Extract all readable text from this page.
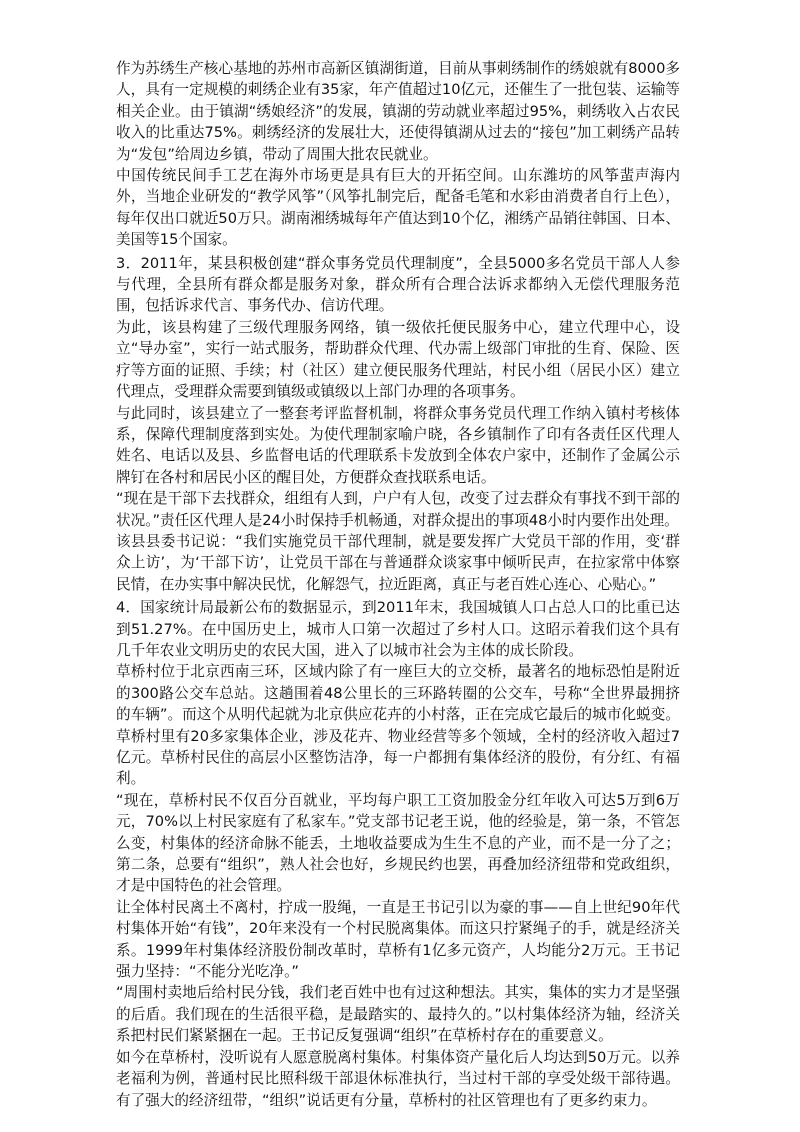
作为苏绣生产核心基地的苏州市高新区镇湖街道，目前从事刺绣制作的绣娘就有8000多人，具有一定规模的刺绣企业有35家，年产值超过10亿元，还催生了一批包装、运输等相关企业。由于镇湖“绣娘经济”的发展，镇湖的劳动就业率超过95%，刺绣收入占农民收入的比重达75%。刺绣经济的发展壮大，还使得镇湖从过去的“接包”加工刺绣产品转为“发包”给周边乡镇，带动了周围大批农民就业。

中国传统民间手工艺在海外市场更是具有巨大的开拓空间。山东潍坊的风筝蜚声海内外，当地企业研发的“教学风筝”（风筝扎制完后，配备毛笔和水彩由消费者自行上色），每年仅出口就近50万只。湖南湘绣城每年产值达到10个亿，湘绣产品销往韩国、日本、美国等15个国家。

3．2011年，某县积极创建“群众事务党员代理制度”，全县5000多名党员干部人人参与代理，全县所有群众都是服务对象，群众所有合理合法诉求都纳入无偿代理服务范围，包括诉求代言、事务代办、信访代理。

为此，该县构建了三级代理服务网络，镇一级依托便民服务中心，建立代理中心，设立“导办室”，实行一站式服务，帮助群众代理、代办需上级部门审批的生育、保险、医疗等方面的证照、手续；村（社区）建立便民服务代理站，村民小组（居民小区）建立代理点，受理群众需要到镇级或镇级以上部门办理的各项事务。

与此同时，该县建立了一整套考评监督机制，将群众事务党员代理工作纳入镇村考核体系，保障代理制度落到实处。为使代理制家喻户晓，各乡镇制作了印有各责任区代理人姓名、电话以及县、乡监督电话的代理联系卡发放到全体农户家中，还制作了金属公示牌钉在各村和居民小区的醒目处，方便群众查找联系电话。

“现在是干部下去找群众，组组有人到，户户有人包，改变了过去群众有事找不到干部的状况。”责任区代理人是24小时保持手机畅通，对群众提出的事项48小时内要作出处理。

该县县委书记说：“我们实施党员干部代理制，就是要发挥广大党员干部的作用，变‘群众上访’，为‘干部下访’，让党员干部在与普通群众谈家事中倾听民声，在拉家常中体察民情，在办实事中解决民忧，化解怨气，拉近距离，真正与老百姓心连心、心贴心。”

4．国家统计局最新公布的数据显示，到2011年末，我国城镇人口占总人口的比重已达到51.27%。在中国历史上，城市人口第一次超过了乡村人口。这昭示着我们这个具有几千年农业文明历史的农民大国，进入了以城市社会为主体的成长阶段。

草桥村位于北京西南三环，区域内除了有一座巨大的立交桥，最著名的地标恐怕是附近的300路公交车总站。这趟围着48公里长的三环路转圈的公交车，号称“全世界最拥挤的车辆”。而这个从明代起就为北京供应花卉的小村落，正在完成它最后的城市化蜕变。草桥村里有20多家集体企业，涉及花卉、物业经营等多个领域，全村的经济收入超过7亿元。草桥村民住的高层小区整饬洁净，每一户都拥有集体经济的股份，有分红、有福利。

“现在，草桥村民不仅百分百就业，平均每户职工工资加股金分红年收入可达5万到6万元，70%以上村民家庭有了私家车。”党支部书记老王说，他的经验是，第一条，不管怎么变，村集体的经济命脉不能丢，土地收益要成为生生不息的产业，而不是一分了之；第二条，总要有“组织”，熟人社会也好，乡规民约也罢，再叠加经济纽带和党政组织，才是中国特色的社会管理。

让全体村民离土不离村，拧成一股绳，一直是王书记引以为豪的事——自上世纪90年代村集体开始“有钱”，20年来没有一个村民脱离集体。而这只拧紧绳子的手，就是经济关系。1999年村集体经济股份制改革时，草桥有1亿多元资产，人均能分2万元。王书记强力坚持：“不能分光吃净。”

“周围村卖地后给村民分钱，我们老百姓中也有过这种想法。其实，集体的实力才是坚强的后盾。我们现在的生活很平稳，是最踏实的、最持久的。”以村集体经济为轴，经济关系把村民们紧紧捆在一起。王书记反复强调“组织”在草桥村存在的重要意义。

如今在草桥村，没听说有人愿意脱离村集体。村集体资产量化后人均达到50万元。以养老福利为例，普通村民比照科级干部退休标准执行，当过村干部的享受处级干部待遇。有了强大的经济纽带，“组织”说话更有分量，草桥村的社区管理也有了更多约束力。
